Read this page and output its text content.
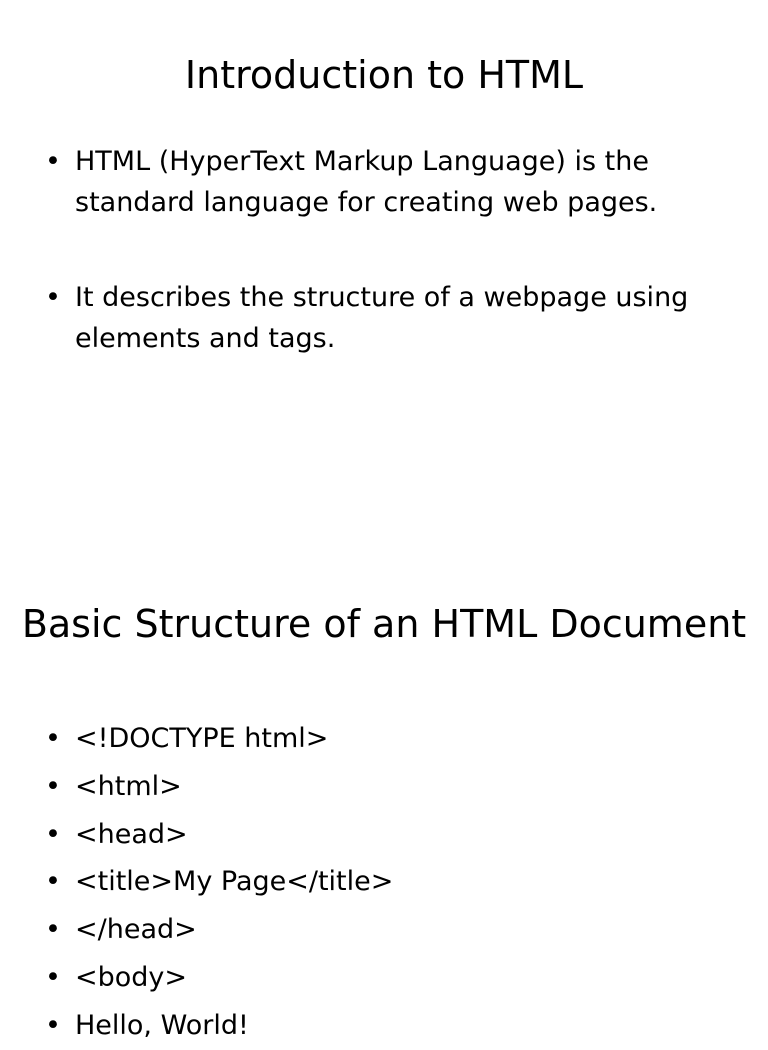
Introduction to HTML
• HTML (HyperText Markup Language) is the standard language for creating web pages.
• It describes the structure of a webpage using elements and tags.
Basic Structure of an HTML Document
• <!DOCTYPE html>
• <html>
• <head>
• <title>My Page</title>
• </head>
• <body>
• Hello, World!
